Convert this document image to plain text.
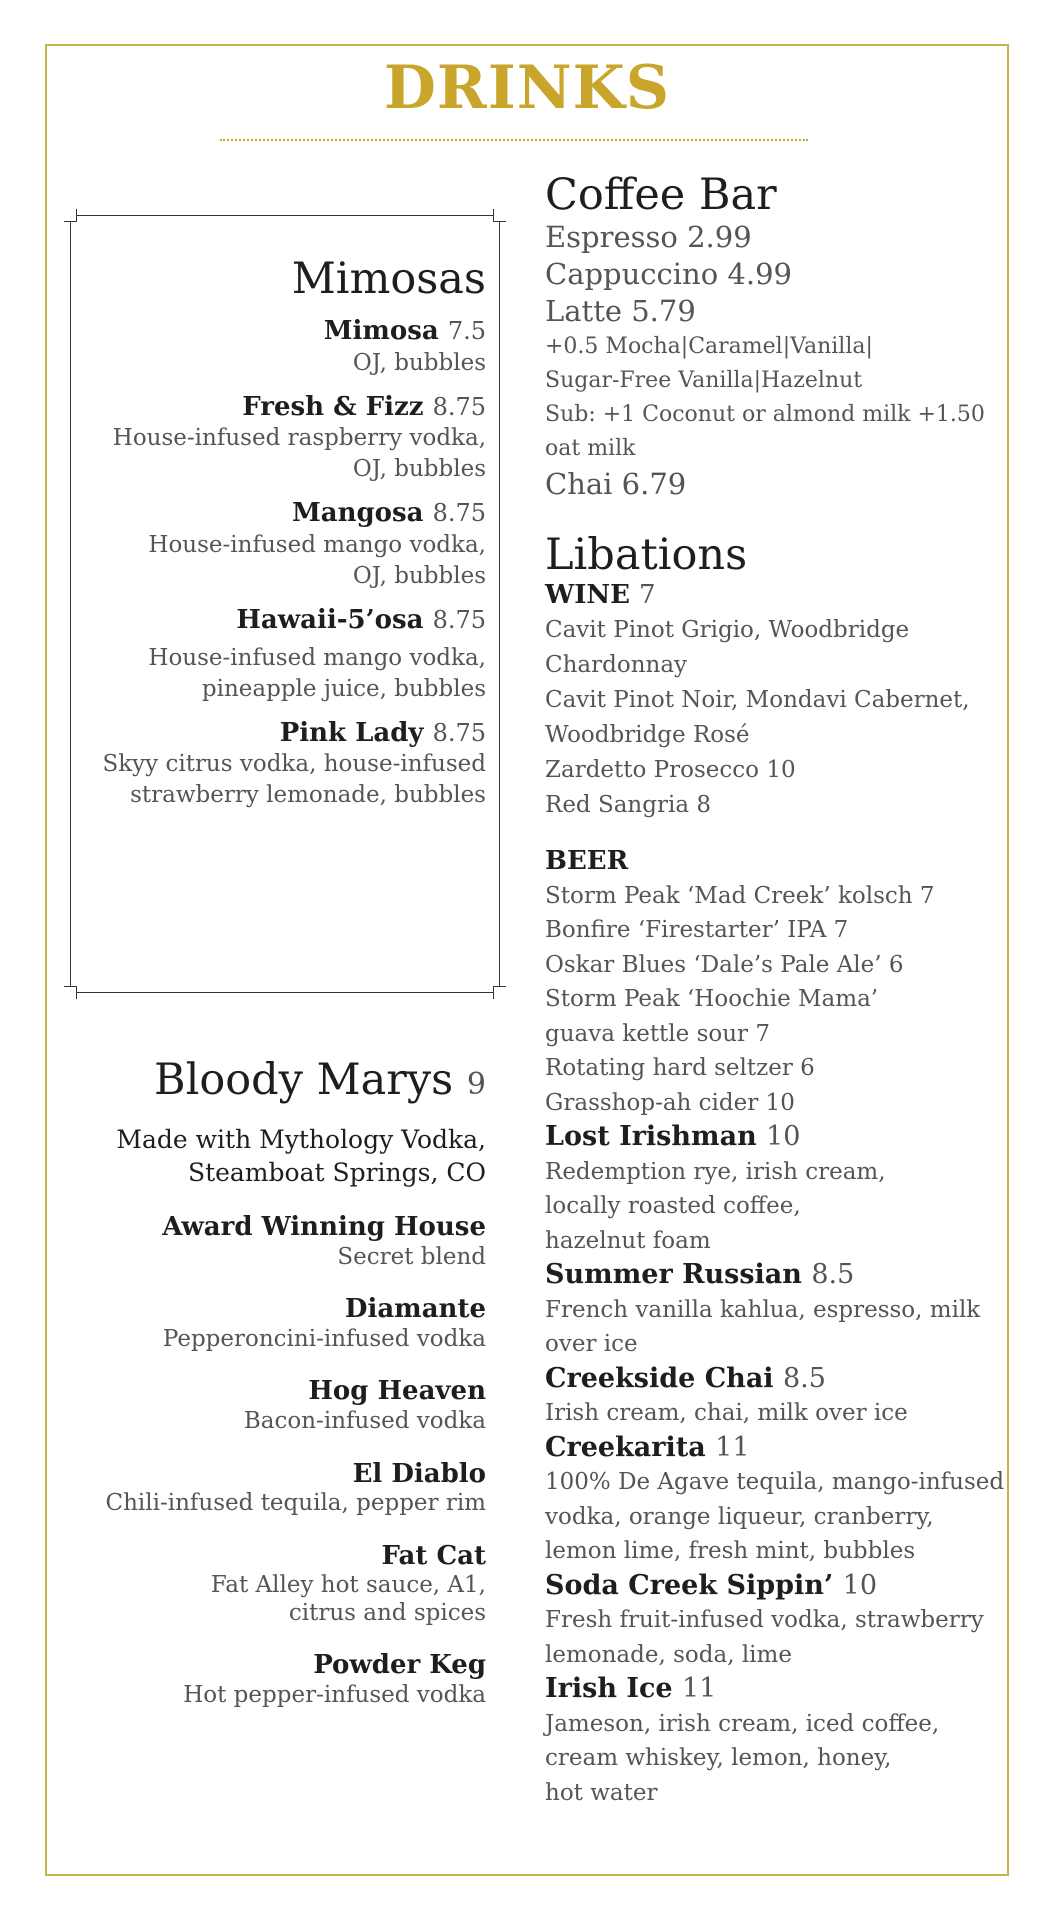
DRINKS
Mimosas
Mimosa 7.5
OJ, bubbles
Fresh & Fizz 8.75
House-infused raspberry vodka,
OJ, bubbles
Mangosa 8.75
House-infused mango vodka,
OJ, bubbles
Hawaii-5’osa 8.75
House-infused mango vodka,
pineapple juice, bubbles
Pink Lady 8.75
Skyy citrus vodka, house-infused
strawberry lemonade, bubbles
Bloody Marys 9
Made with Mythology Vodka,
Steamboat Springs, CO
Award Winning House
Secret blend
Diamante
Pepperoncini-infused vodka
Hog Heaven
Bacon-infused vodka
El Diablo
Chili-infused tequila, pepper rim
Fat Cat
Fat Alley hot sauce, A1,
citrus and spices
Powder Keg
Hot pepper-infused vodka
Coffee Bar
Espresso 2.99
Cappuccino 4.99
Latte 5.79
+0.5 Mocha|Caramel|Vanilla|
Sugar-Free Vanilla|Hazelnut
Sub: +1 Coconut or almond milk +1.50
oat milk
Chai 6.79
Libations
WINE 7
Cavit Pinot Grigio, Woodbridge
Chardonnay
Cavit Pinot Noir, Mondavi Cabernet,
Woodbridge Rosé
Zardetto Prosecco 10
Red Sangria 8
BEER
Storm Peak ‘Mad Creek’ kolsch 7
Bonfire ‘Firestarter’ IPA 7
Oskar Blues ‘Dale’s Pale Ale’ 6
Storm Peak ‘Hoochie Mama’
guava kettle sour 7
Rotating hard seltzer 6
Grasshop-ah cider 10
Lost Irishman 10
Redemption rye, irish cream,
locally roasted coffee,
hazelnut foam
Summer Russian 8.5
French vanilla kahlua, espresso, milk
over ice
Creekside Chai 8.5
Irish cream, chai, milk over ice
Creekarita 11
100% De Agave tequila, mango-infused
vodka, orange liqueur, cranberry,
lemon lime, fresh mint, bubbles
Soda Creek Sippin’ 10
Fresh fruit-infused vodka, strawberry
lemonade, soda, lime
Irish Ice 11
Jameson, irish cream, iced coffee,
cream whiskey, lemon, honey,
hot water
